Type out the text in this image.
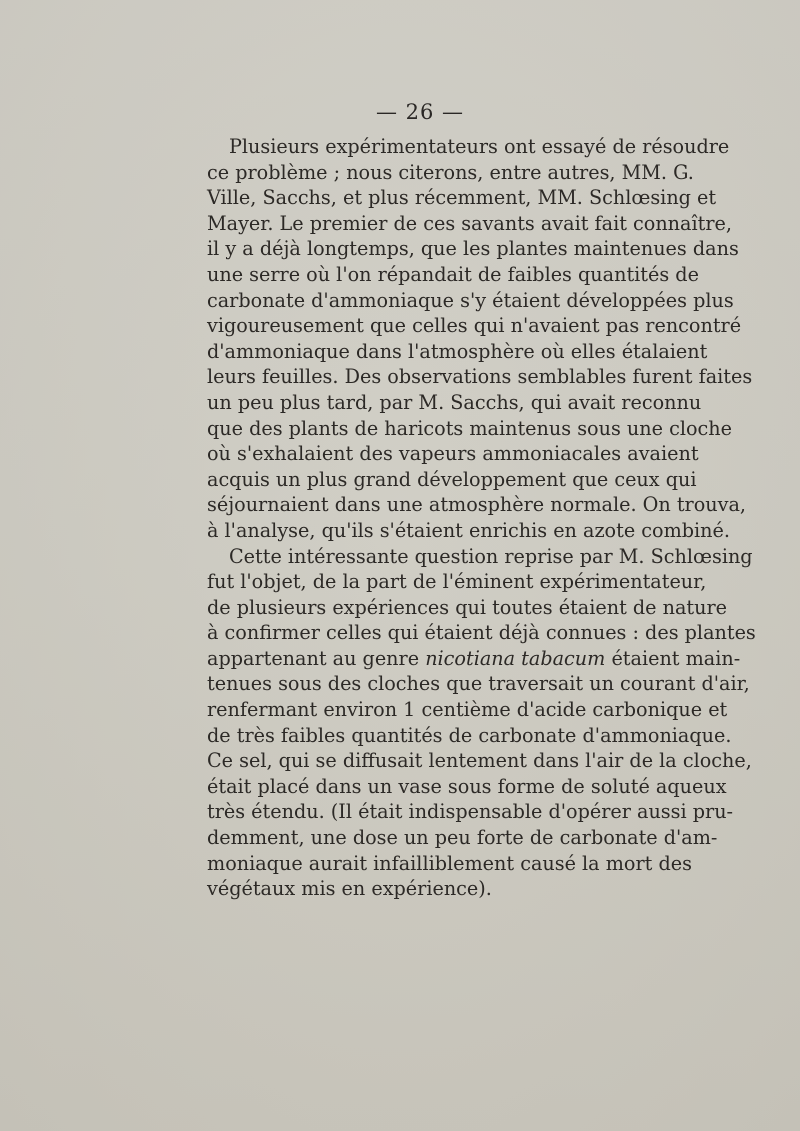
— 26 —
Plusieurs expérimentateurs ont essayé de résoudre
ce problème ; nous citerons, entre autres, MM. G.
Ville, Sacchs, et plus récemment, MM. Schlœsing et
Mayer. Le premier de ces savants avait fait connaître,
il y a déjà longtemps, que les plantes maintenues dans
une serre où l'on répandait de faibles quantités de
carbonate d'ammoniaque s'y étaient développées plus
vigoureusement que celles qui n'avaient pas rencontré
d'ammoniaque dans l'atmosphère où elles étalaient
leurs feuilles. Des observations semblables furent faites
un peu plus tard, par M. Sacchs, qui avait reconnu
que des plants de haricots maintenus sous une cloche
où s'exhalaient des vapeurs ammoniacales avaient
acquis un plus grand développement que ceux qui
séjournaient dans une atmosphère normale. On trouva,
à l'analyse, qu'ils s'étaient enrichis en azote combiné.
Cette intéressante question reprise par M. Schlœsing
fut l'objet, de la part de l'éminent expérimentateur,
de plusieurs expériences qui toutes étaient de nature
à confirmer celles qui étaient déjà connues : des plantes
appartenant au genre nicotiana tabacum étaient main-
tenues sous des cloches que traversait un courant d'air,
renfermant environ 1 centième d'acide carbonique et
de très faibles quantités de carbonate d'ammoniaque.
Ce sel, qui se diffusait lentement dans l'air de la cloche,
était placé dans un vase sous forme de soluté aqueux
très étendu. (Il était indispensable d'opérer aussi pru-
demment, une dose un peu forte de carbonate d'am-
moniaque aurait infailliblement causé la mort des
végétaux mis en expérience).
